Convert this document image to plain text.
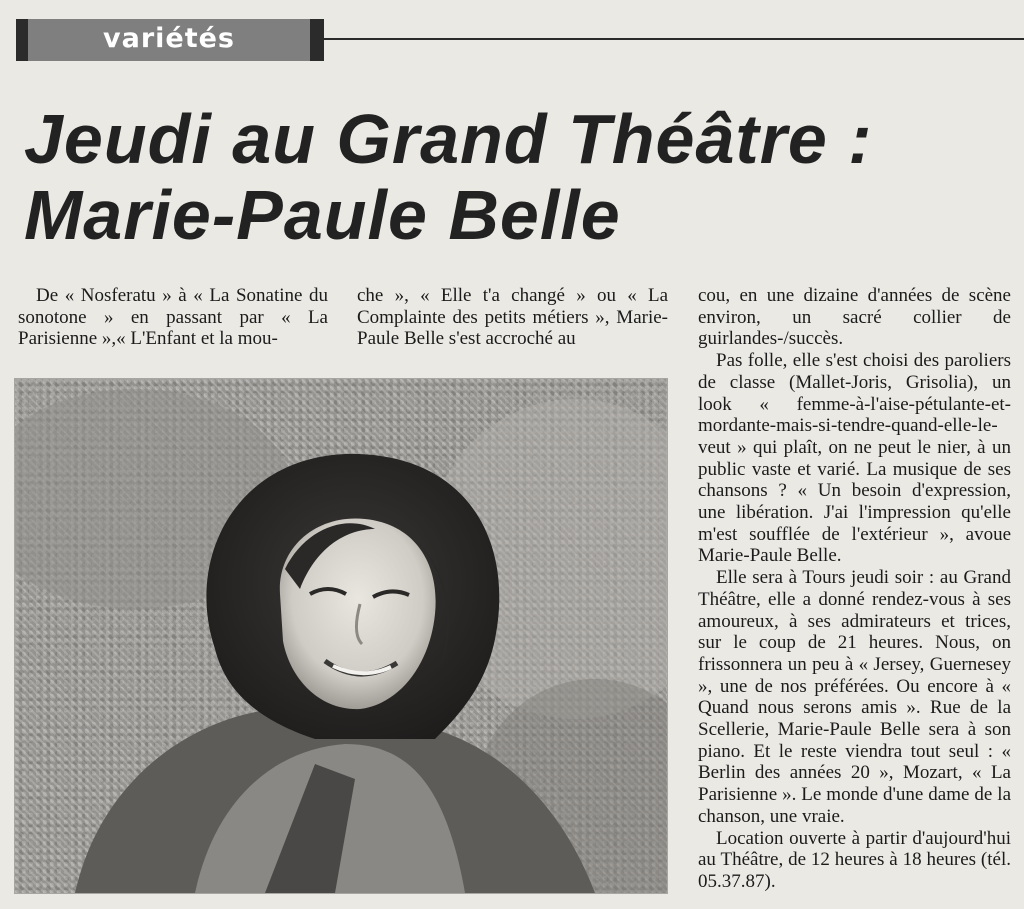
variétés
Jeudi au Grand Théâtre :
Marie-Paule Belle

De « Nosferatu » à « La Sonatine du sonotone » en passant par « La Parisienne »,« L'Enfant et la mou-

che », « Elle t'a changé » ou « La Complainte des petits métiers », Marie-Paule Belle s'est accroché au

cou, en une dizaine d'années de scène environ, un sacré collier de guirlandes-/succès.

Pas folle, elle s'est choisi des paroliers de classe (Mallet-Joris, Grisolia), un look « femme-à-l'aise-pétulante-et-mordante-mais-si-tendre-quand-elle-le-veut » qui plaît, on ne peut le nier, à un public vaste et varié. La musique de ses chansons ? « Un besoin d'expression, une libération. J'ai l'impression qu'elle m'est soufflée de l'extérieur », avoue Marie-Paule Belle.

Elle sera à Tours jeudi soir : au Grand Théâtre, elle a donné rendez-vous à ses amoureux, à ses admirateurs et trices, sur le coup de 21 heures. Nous, on frissonnera un peu à « Jersey, Guernesey », une de nos préférées. Ou encore à « Quand nous serons amis ». Rue de la Scellerie, Marie-Paule Belle sera à son piano. Et le reste viendra tout seul : « Berlin des années 20 », Mozart, « La Parisienne ». Le monde d'une dame de la chanson, une vraie.

Location ouverte à partir d'aujourd'hui au Théâtre, de 12 heures à 18 heures (tél. 05.37.87).
